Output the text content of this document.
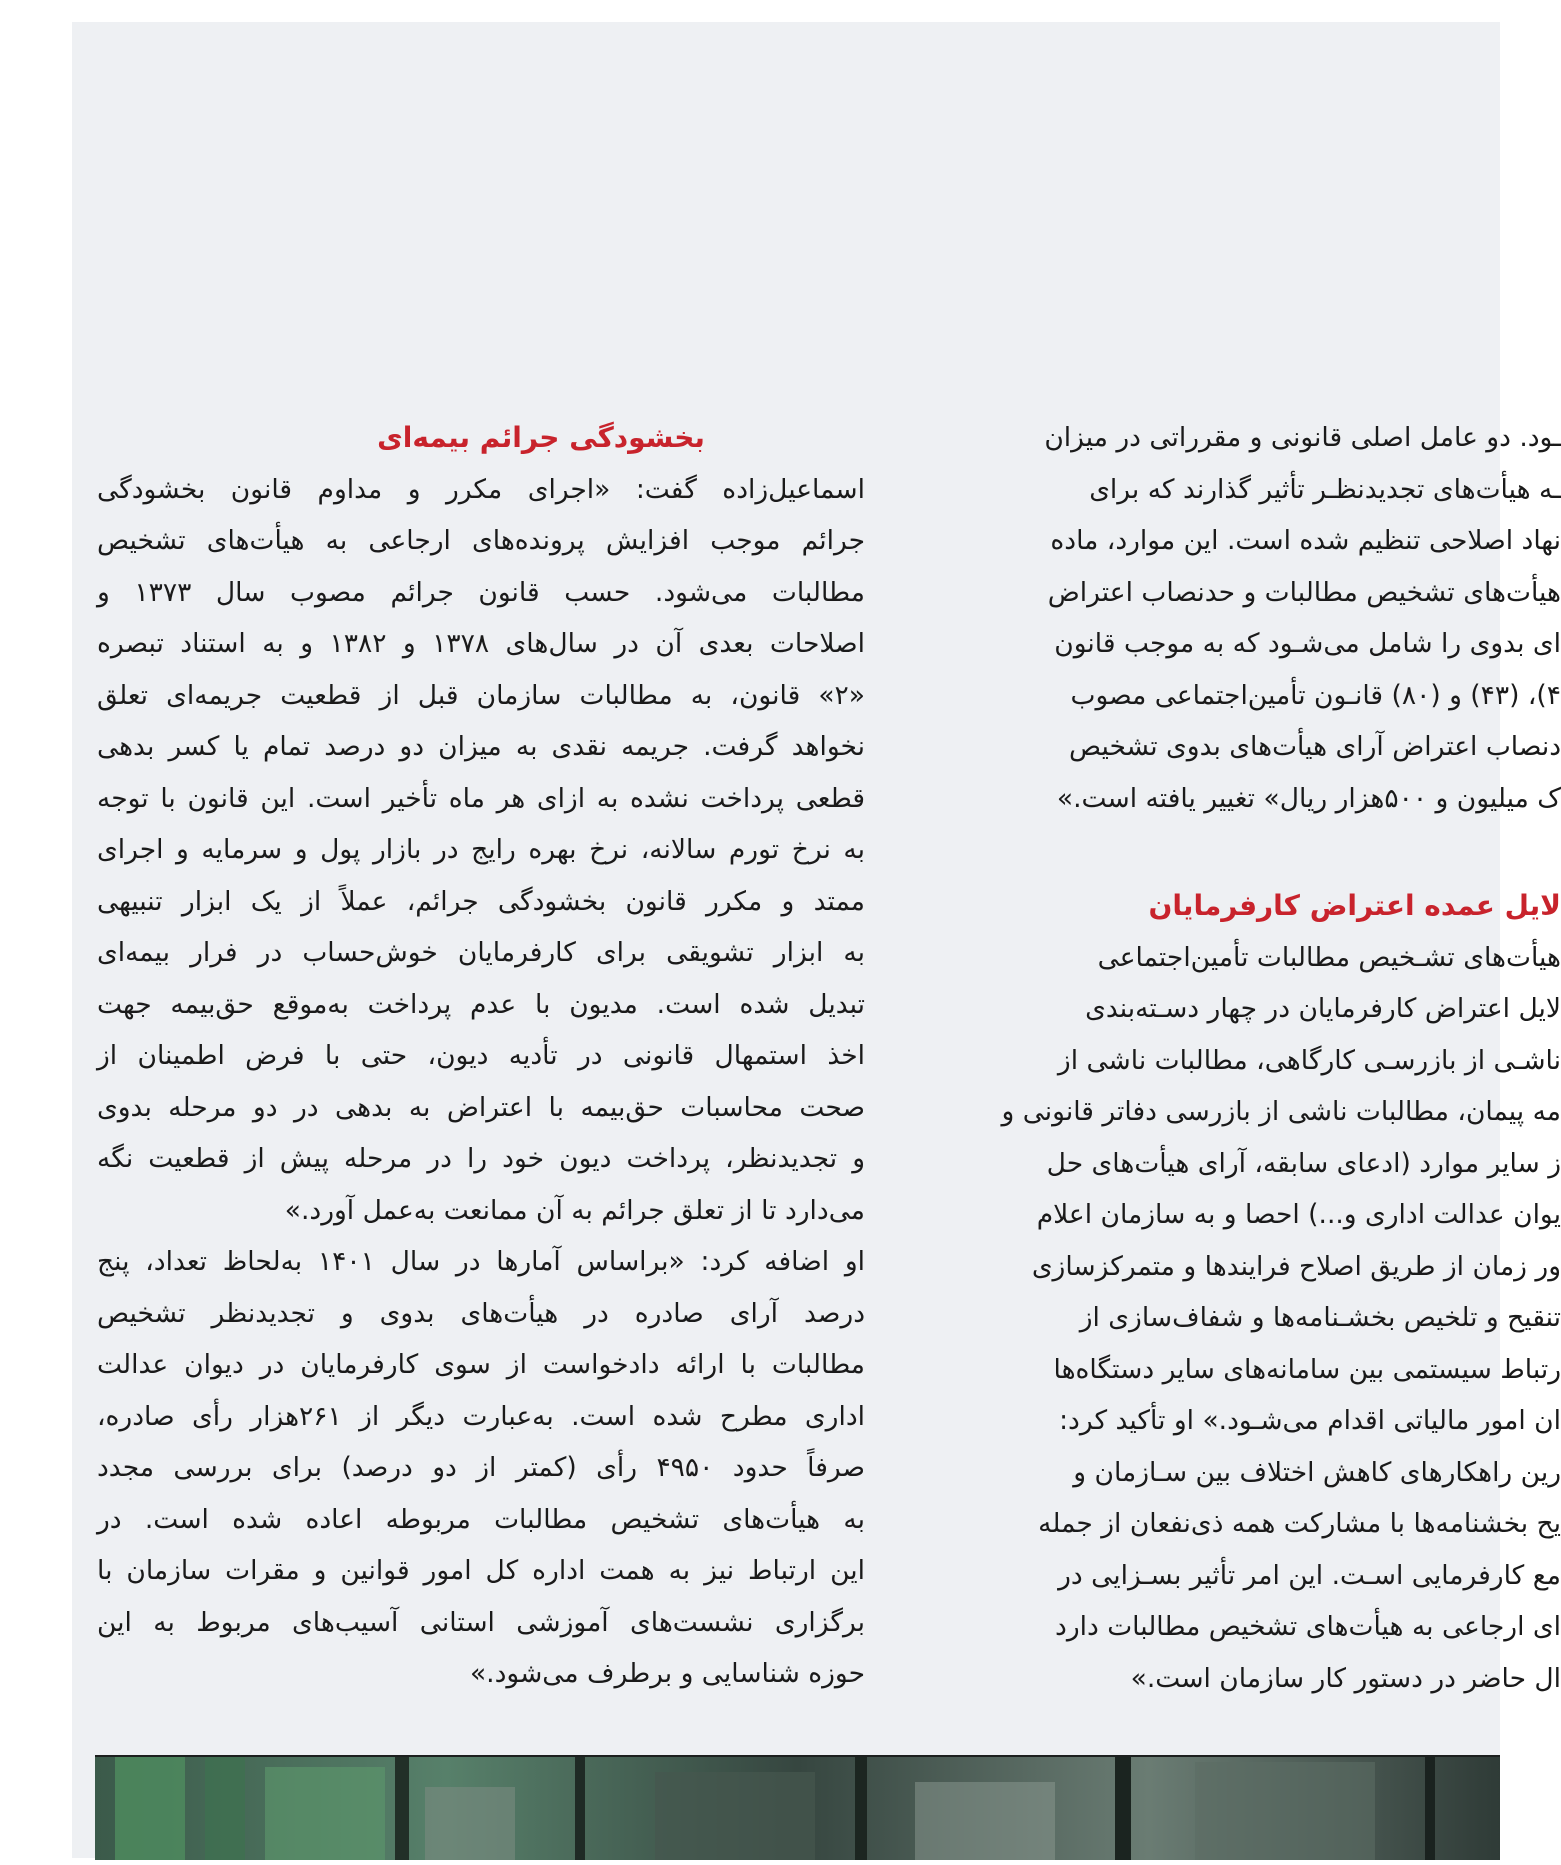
بخشودگی جرائم بیمه‌ای
اسماعیل‌زاده گفت: «اجرای مکرر و مداوم قانون بخشودگی
جرائم موجب افزایش پرونده‌های ارجاعی به هیأت‌های تشخیص
مطالبات می‌شود. حسب قانون جرائم مصوب سال ۱۳۷۳ و
اصلاحات بعدی آن در سال‌های ۱۳۷۸ و ۱۳۸۲ و به استناد تبصره
«۲» قانون، به مطالبات سازمان قبل از قطعیت جریمه‌ای تعلق
نخواهد گرفت. جریمه نقدی به میزان دو درصد تمام یا کسر بدهی
قطعی پرداخت نشده به ازای هر ماه تأخیر است. این قانون با توجه
به نرخ تورم سالانه، نرخ بهره رایج در بازار پول و سرمایه و اجرای
ممتد و مکرر قانون بخشودگی جرائم، عملاً از یک ابزار تنبیهی
به ابزار تشویقی برای کارفرمایان خوش‌حساب در فرار بیمه‌ای
تبدیل شده است. مدیون با عدم پرداخت به‌موقع حق‌بیمه جهت
اخذ استمهال قانونی در تأدیه دیون، حتی با فرض اطمینان از
صحت محاسبات حق‌بیمه با اعتراض به بدهی در دو مرحله بدوی
و تجدیدنظر، پرداخت دیون خود را در مرحله پیش از قطعیت نگه
می‌دارد تا از تعلق جرائم به آن ممانعت به‌عمل آورد.»
او اضافه کرد: «براساس آمارها در سال ۱۴۰۱ به‌لحاظ تعداد، پنج
درصد آرای صادره در هیأت‌های بدوی و تجدیدنظر تشخیص
مطالبات با ارائه دادخواست از سوی کارفرمایان در دیوان عدالت
اداری مطرح شده است. به‌عبارت دیگر از ۲۶۱هزار رأی صادره،
صرفاً حدود ۴۹۵۰ رأی (کمتر از دو درصد) برای بررسی مجدد
به هیأت‌های تشخیص مطالبات مربوطه اعاده شده است. در
این ارتباط نیز به همت اداره کل امور قوانین و مقرات سازمان با
برگزاری نشست‌های آموزشی استانی آسیب‌های مربوط به این
حوزه شناسایی و برطرف می‌شود.»
ـود. دو عامل اصلی قانونی و مقرراتی در میزان
ـه هیأت‌های تجدیدنظـر تأثیر گذارند که برای
نهاد اصلاحی تنظیم شده است. این موارد، ماده
هیأت‌های تشخیص مطالبات و حدنصاب اعتراض
ای بدوی را شامل می‌شـود که به موجب قانون
۴)، (۴۳) و (۸۰) قانـون تأمین‌اجتماعی مصوب
دنصاب اعتراض آرای هیأت‌های بدوی تشخیص
ک میلیون و ۵۰۰هزار ریال» تغییر یافته است.»
لایل عمده اعتراض کارفرمایان
هیأت‌های تشـخیص مطالبات تأمین‌اجتماعی
لایل اعتراض کارفرمایان در چهار دسـته‌بندی
ناشـی از بازرسـی کارگاهی، مطالبات ناشی از
مه پیمان، مطالبات ناشی از بازرسی دفاتر قانونی و
ز سایر موارد (ادعای سابقه، آرای هیأت‌های حل
یوان عدالت اداری و...) احصا و به سازمان اعلام
ور زمان از طریق اصلاح فرایندها و متمرکزسازی
تنقیح و تلخیص بخشـنامه‌ها و شفاف‌سازی از
رتباط سیستمی بین سامانه‌های سایر دستگاه‌ها
ان امور مالیاتی اقدام می‌شـود.» او تأکید کرد:
رین راهکارهای کاهش اختلاف بین سـازمان و
یح بخشنامه‌ها با مشارکت همه ذی‌نفعان از جمله
مع کارفرمایی اسـت. این امر تأثیر بسـزایی در
ای ارجاعی به هیأت‌های تشخیص مطالبات دارد
ال حاضر در دستور کار سازمان است.»
